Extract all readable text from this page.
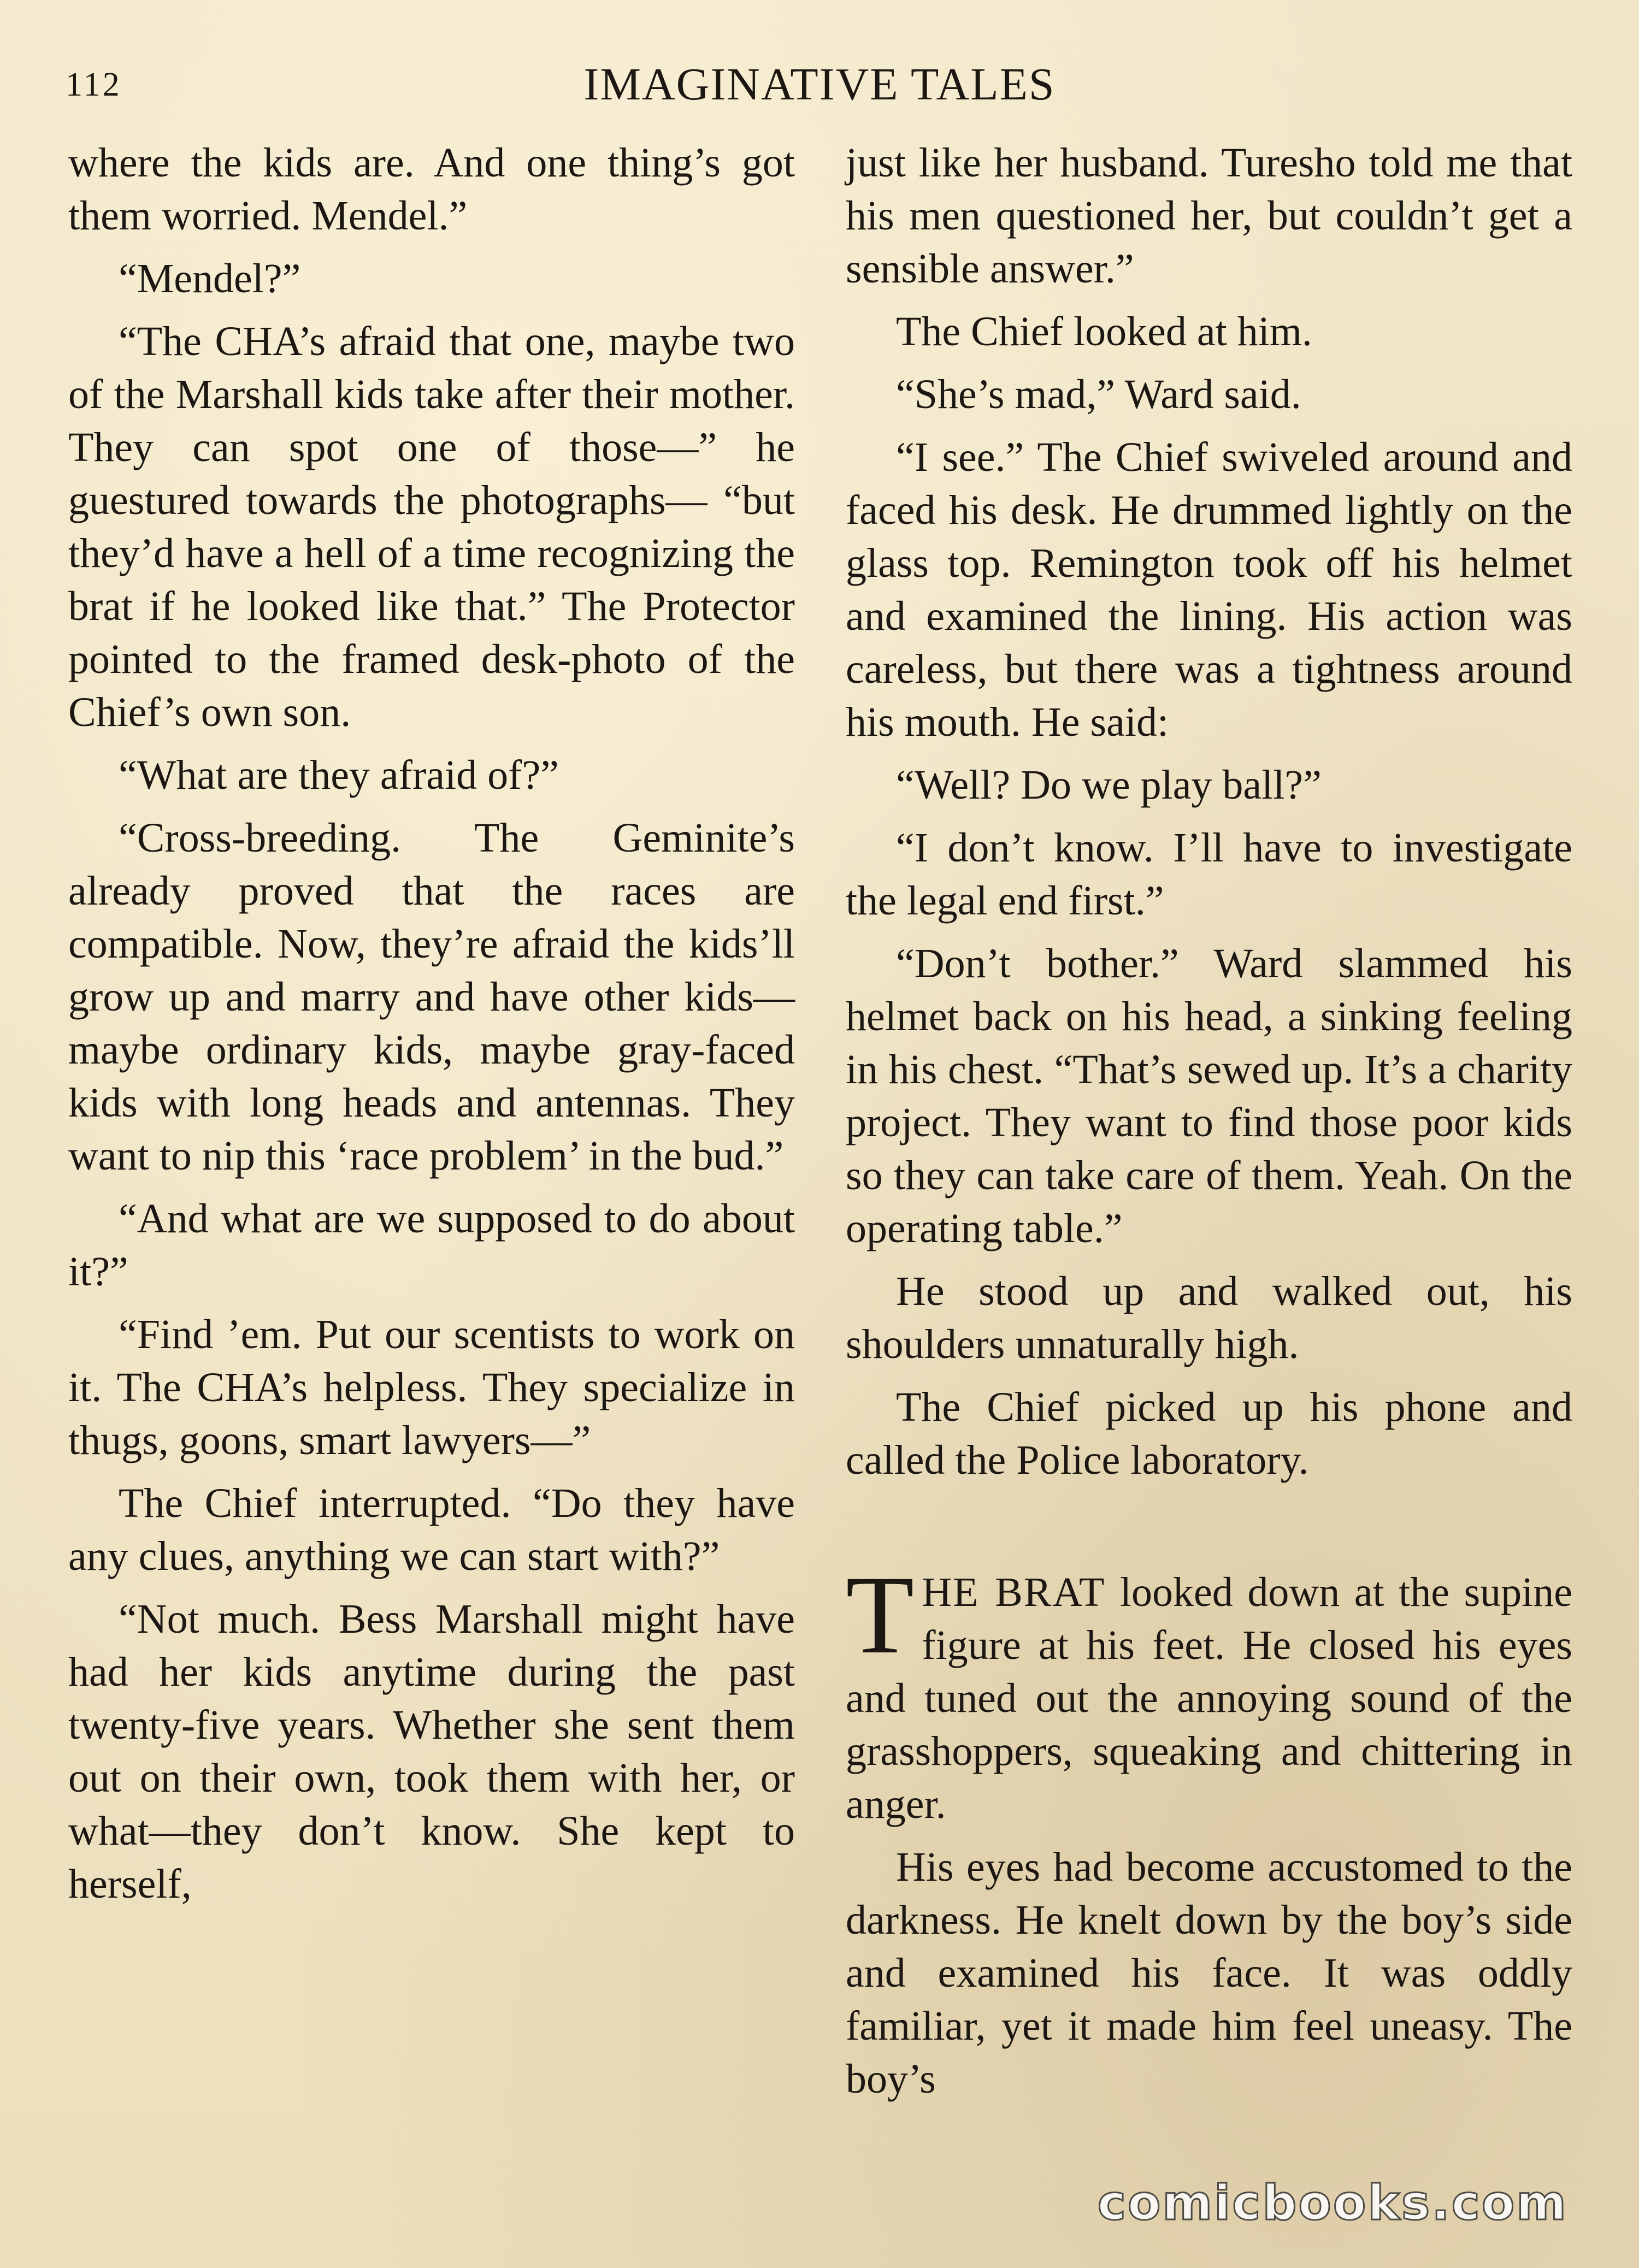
112	IMAGINATIVE TALES

where the kids are. And one thing’s got them worried. Mendel.”

“Mendel?”

“The CHA’s afraid that one, maybe two of the Marshall kids take after their mother. They can spot one of those—” he guestured towards the photographs— “but they’d have a hell of a time recognizing the brat if he looked like that.” The Protector pointed to the framed desk-photo of the Chief’s own son.

“What are they afraid of?”

“Cross-breeding. The Geminite’s already proved that the races are compatible. Now, they’re afraid the kids’ll grow up and marry and have other kids—maybe ordinary kids, maybe gray-faced kids with long heads and antennas. They want to nip this ‘race problem’ in the bud.”

“And what are we supposed to do about it?”

“Find ’em. Put our scentists to work on it. The CHA’s helpless. They specialize in thugs, goons, smart lawyers—”

The Chief interrupted. “Do they have any clues, anything we can start with?”

“Not much. Bess Marshall might have had her kids anytime during the past twenty-five years. Whether she sent them out on their own, took them with her, or what—they don’t know. She kept to herself,

just like her husband. Turesho told me that his men questioned her, but couldn’t get a sensible answer.”

The Chief looked at him.

“She’s mad,” Ward said.

“I see.” The Chief swiveled around and faced his desk. He drummed lightly on the glass top. Remington took off his helmet and examined the lining. His action was careless, but there was a tightness around his mouth. He said:

“Well? Do we play ball?”

“I don’t know. I’ll have to investigate the legal end first.”

“Don’t bother.” Ward slammed his helmet back on his head, a sinking feeling in his chest. “That’s sewed up. It’s a charity project. They want to find those poor kids so they can take care of them. Yeah. On the operating table.”

He stood up and walked out, his shoulders unnaturally high.

The Chief picked up his phone and called the Police laboratory.

THE BRAT looked down at the supine figure at his feet. He closed his eyes and tuned out the annoying sound of the grasshoppers, squeaking and chittering in anger.

His eyes had become accustomed to the darkness. He knelt down by the boy’s side and examined his face. It was oddly familiar, yet it made him feel uneasy. The boy’s

comicbooks.com
